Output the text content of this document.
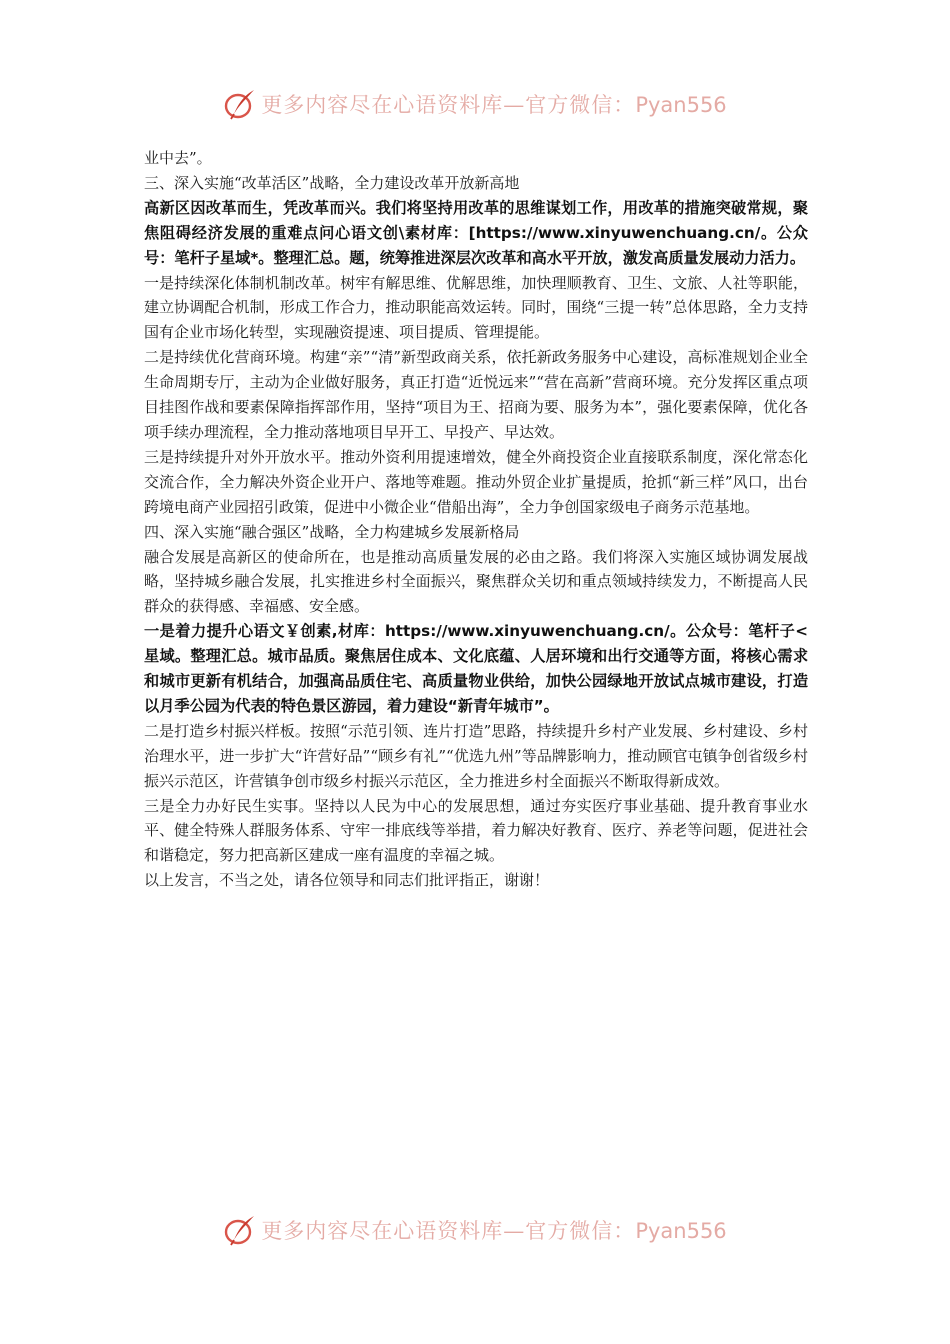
更多内容尽在心语资料库—官方微信：Pyan556

业中去”。

三、深入实施“改革活区”战略，全力建设改革开放新高地

高新区因改革而生，凭改革而兴。我们将坚持用改革的思维谋划工作，用改革的措施突破常规，聚焦阻碍经济发展的重难点问心语文创\素材库：[https://www.xinyuwenchuang.cn/。公众号：笔杆子星域*。整理汇总。题，统筹推进深层次改革和高水平开放，激发高质量发展动力活力。

一是持续深化体制机制改革。树牢有解思维、优解思维，加快理顺教育、卫生、文旅、人社等职能，建立协调配合机制，形成工作合力，推动职能高效运转。同时，围绕“三提一转”总体思路，全力支持国有企业市场化转型，实现融资提速、项目提质、管理提能。

二是持续优化营商环境。构建“亲”“清”新型政商关系，依托新政务服务中心建设，高标准规划企业全生命周期专厅，主动为企业做好服务，真正打造“近悦远来”“营在高新”营商环境。充分发挥区重点项目挂图作战和要素保障指挥部作用，坚持“项目为王、招商为要、服务为本”，强化要素保障，优化各项手续办理流程，全力推动落地项目早开工、早投产、早达效。

三是持续提升对外开放水平。推动外资利用提速增效，健全外商投资企业直接联系制度，深化常态化交流合作，全力解决外资企业开户、落地等难题。推动外贸企业扩量提质，抢抓“新三样”风口，出台跨境电商产业园招引政策，促进中小微企业“借船出海”，全力争创国家级电子商务示范基地。

四、深入实施“融合强区”战略，全力构建城乡发展新格局

融合发展是高新区的使命所在，也是推动高质量发展的必由之路。我们将深入实施区域协调发展战略，坚持城乡融合发展，扎实推进乡村全面振兴，聚焦群众关切和重点领域持续发力，不断提高人民群众的获得感、幸福感、安全感。

一是着力提升心语文￥创素,材库：https://www.xinyuwenchuang.cn/。公众号：笔杆子<星域。整理汇总。城市品质。聚焦居住成本、文化底蕴、人居环境和出行交通等方面，将核心需求和城市更新有机结合，加强高品质住宅、高质量物业供给，加快公园绿地开放试点城市建设，打造以月季公园为代表的特色景区游园，着力建设“新青年城市”。

二是打造乡村振兴样板。按照“示范引领、连片打造”思路，持续提升乡村产业发展、乡村建设、乡村治理水平，进一步扩大“许营好品”“顾乡有礼”“优选九州”等品牌影响力，推动顾官屯镇争创省级乡村振兴示范区，许营镇争创市级乡村振兴示范区，全力推进乡村全面振兴不断取得新成效。

三是全力办好民生实事。坚持以人民为中心的发展思想，通过夯实医疗事业基础、提升教育事业水平、健全特殊人群服务体系、守牢一排底线等举措，着力解决好教育、医疗、养老等问题，促进社会和谐稳定，努力把高新区建成一座有温度的幸福之城。

以上发言，不当之处，请各位领导和同志们批评指正，谢谢！

更多内容尽在心语资料库—官方微信：Pyan556
